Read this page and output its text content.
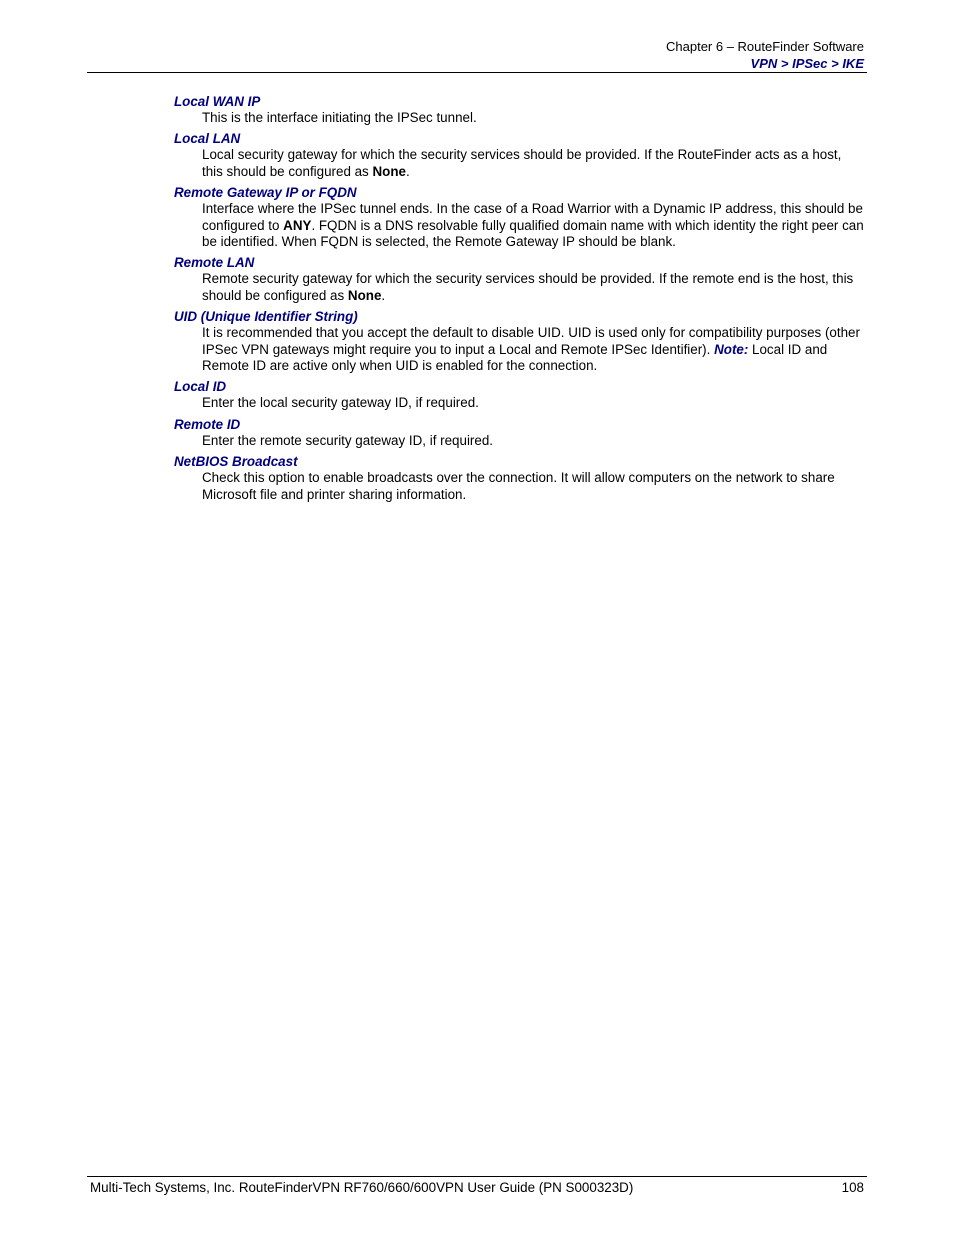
Chapter 6 – RouteFinder Software
VPN > IPSec > IKE
Local WAN IP
This is the interface initiating the IPSec tunnel.
Local LAN
Local security gateway for which the security services should be provided. If the RouteFinder acts as a host, this should be configured as None.
Remote Gateway IP or FQDN
Interface where the IPSec tunnel ends. In the case of a Road Warrior with a Dynamic IP address, this should be configured to ANY. FQDN is a DNS resolvable fully qualified domain name with which identity the right peer can be identified. When FQDN is selected, the Remote Gateway IP should be blank.
Remote LAN
Remote security gateway for which the security services should be provided. If the remote end is the host, this should be configured as None.
UID (Unique Identifier String)
It is recommended that you accept the default to disable UID. UID is used only for compatibility purposes (other IPSec VPN gateways might require you to input a Local and Remote IPSec Identifier). Note: Local ID and Remote ID are active only when UID is enabled for the connection.
Local ID
Enter the local security gateway ID, if required.
Remote ID
Enter the remote security gateway ID, if required.
NetBIOS Broadcast
Check this option to enable broadcasts over the connection. It will allow computers on the network to share Microsoft file and printer sharing information.
Multi-Tech Systems, Inc. RouteFinderVPN RF760/660/600VPN User Guide (PN S000323D)	108
